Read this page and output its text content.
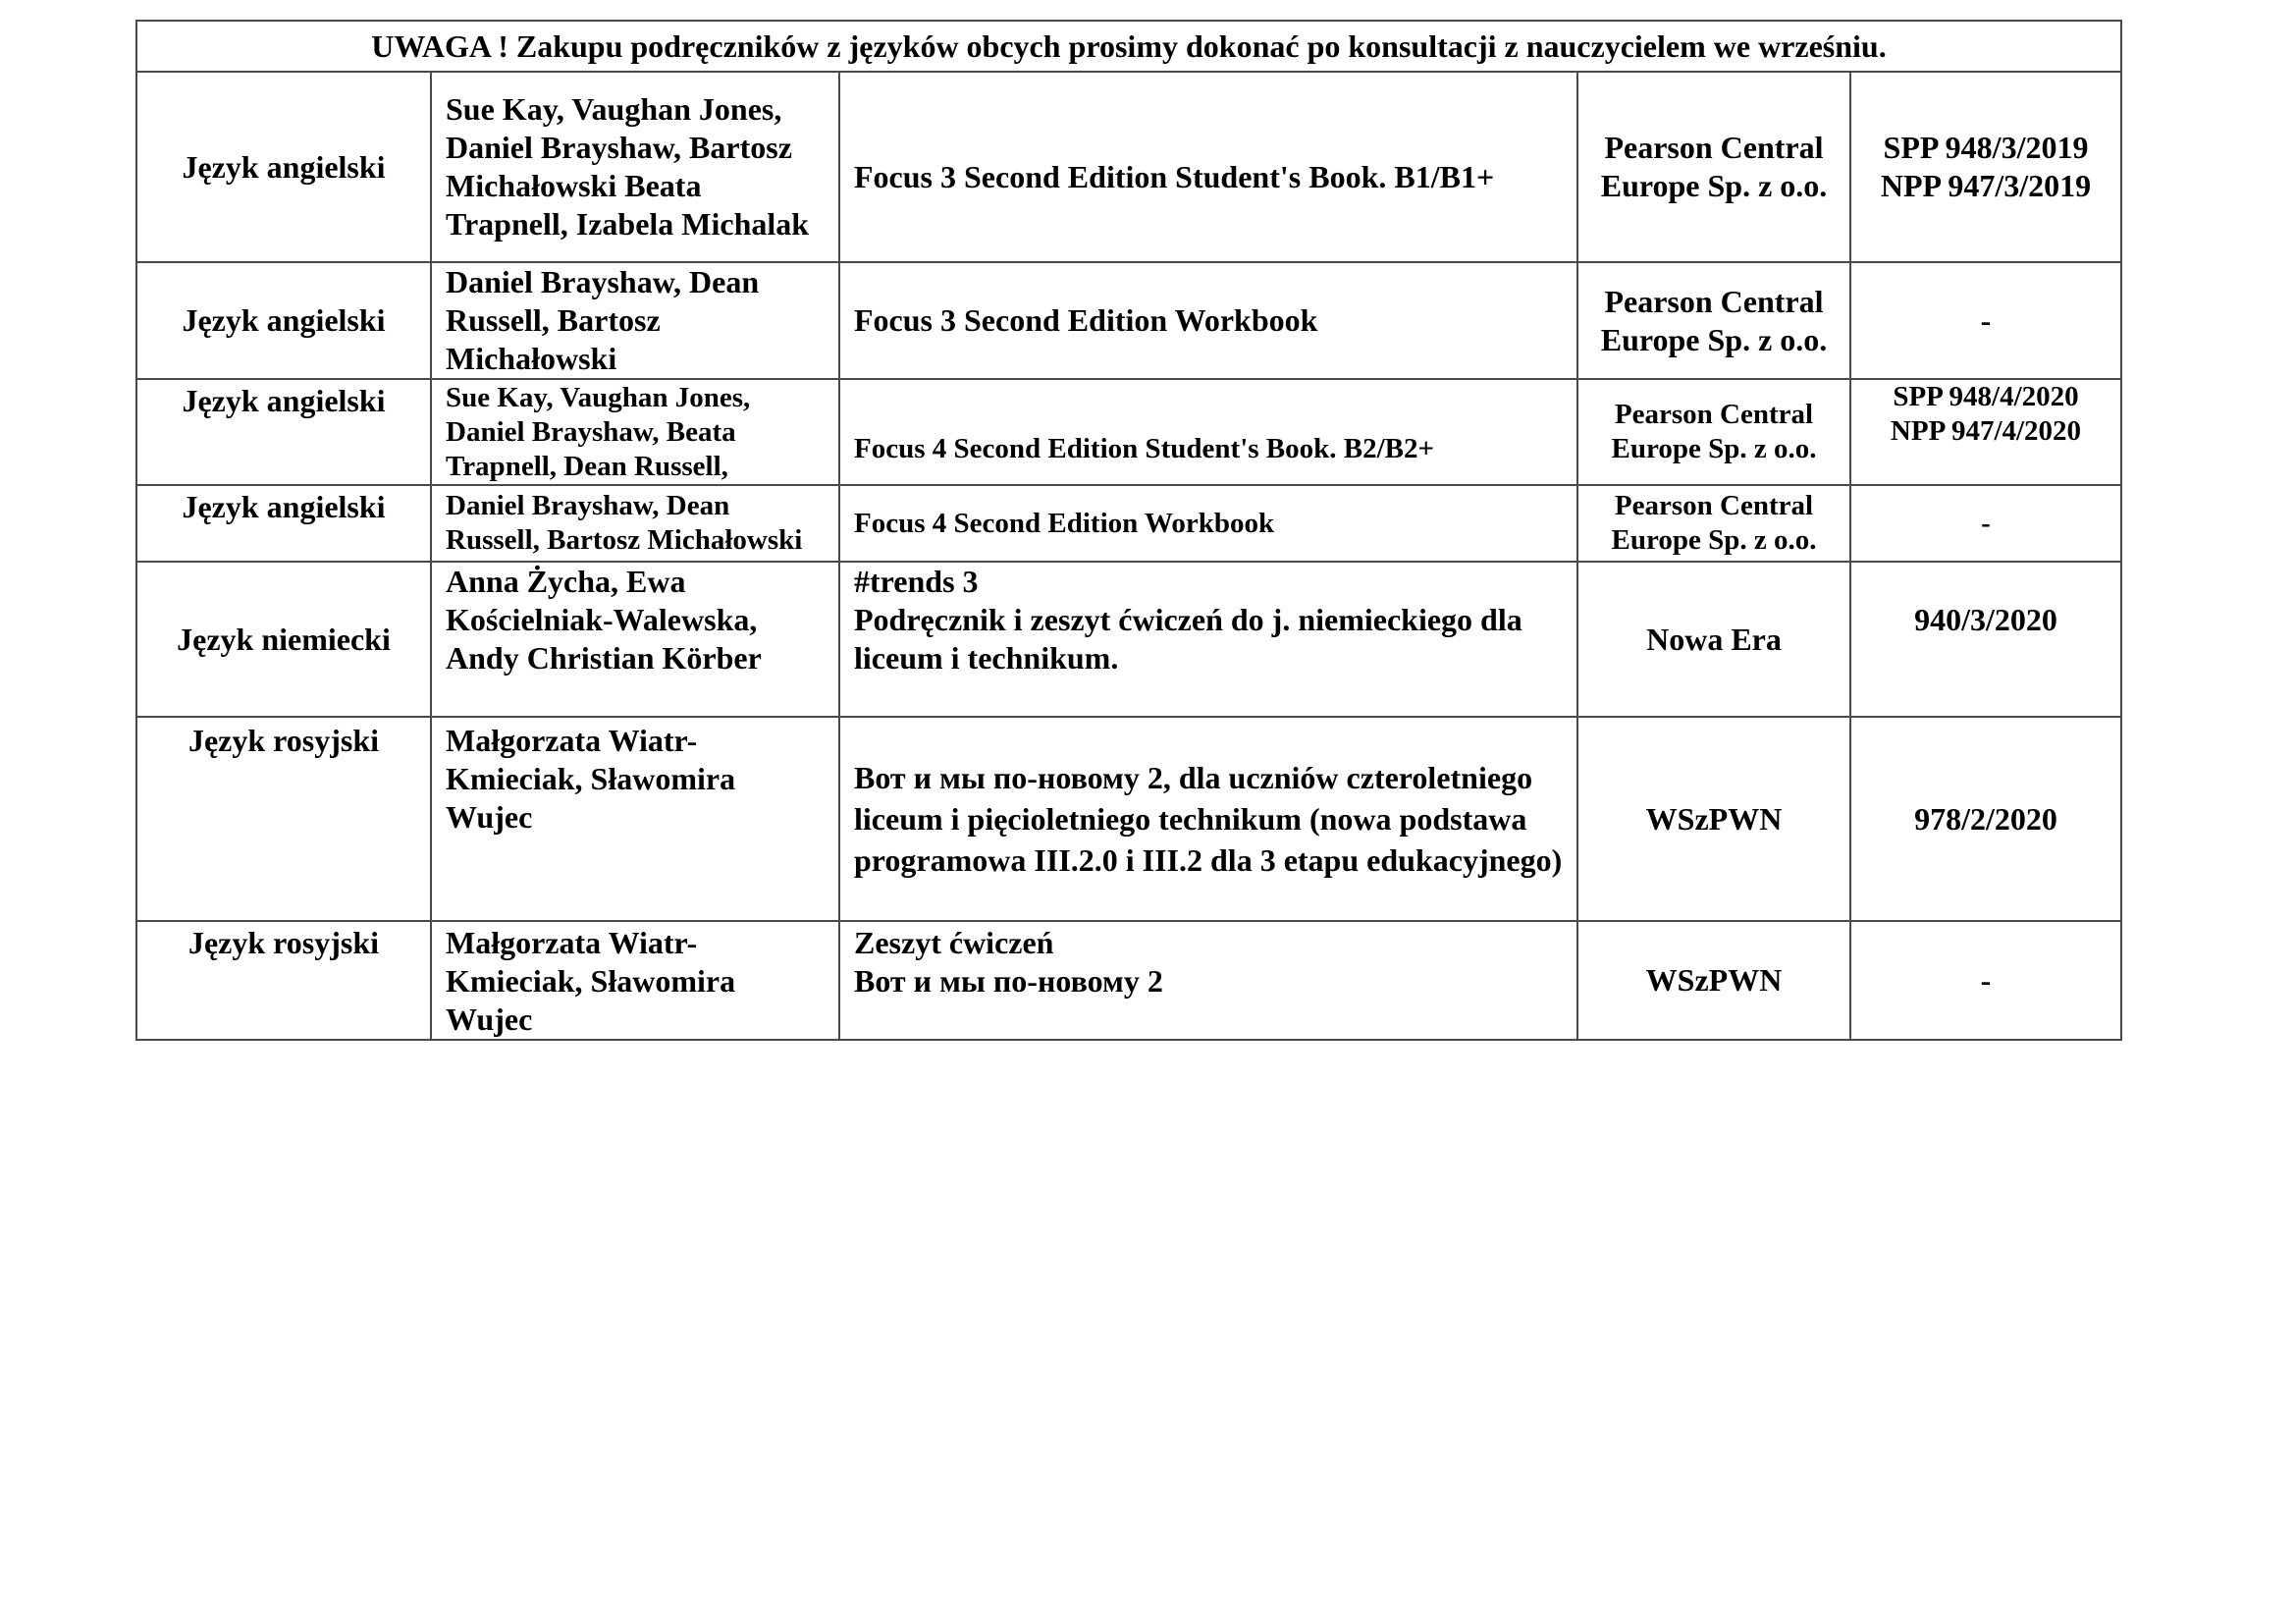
UWAGA ! Zakupu podręczników z języków obcych prosimy dokonać po konsultacji z nauczycielem we wrześniu.				
Język angielski	Sue Kay, Vaughan Jones, Daniel Brayshaw, Bartosz Michałowski Beata Trapnell, Izabela Michalak	Focus 3 Second Edition Student's Book. B1/B1+	Pearson Central Europe Sp. z o.o.	SPP 948/3/2019
NPP 947/3/2019

Język angielski	Daniel Brayshaw, Dean Russell, Bartosz Michałowski	Focus 3 Second Edition Workbook	Pearson Central Europe Sp. z o.o.	-

Język angielski	Sue Kay, Vaughan Jones, Daniel Brayshaw, Beata Trapnell, Dean Russell,	Focus 4 Second Edition Student's Book. B2/B2+	Pearson Central Europe Sp. z o.o.	SPP 948/4/2020
NPP 947/4/2020

Język angielski	Daniel Brayshaw, Dean Russell, Bartosz Michałowski	Focus 4 Second Edition Workbook	Pearson Central Europe Sp. z o.o.	-

Język niemiecki	Anna Życha, Ewa Kościelniak-Walewska, Andy Christian Körber	#trends 3
Podręcznik i zeszyt ćwiczeń do j. niemieckiego dla liceum i technikum.	Nowa Era	940/3/2020

Język rosyjski	Małgorzata Wiatr-Kmieciak, Sławomira Wujec	Вот и мы по-новому 2, dla uczniów czteroletniego liceum i pięcioletniego technikum (nowa podstawa programowa III.2.0 i III.2 dla 3 etapu edukacyjnego)	WSzPWN	978/2/2020

Język rosyjski	Małgorzata Wiatr-Kmieciak, Sławomira Wujec	Zeszyt ćwiczeń
Вот и мы по-новому 2	WSzPWN	-
